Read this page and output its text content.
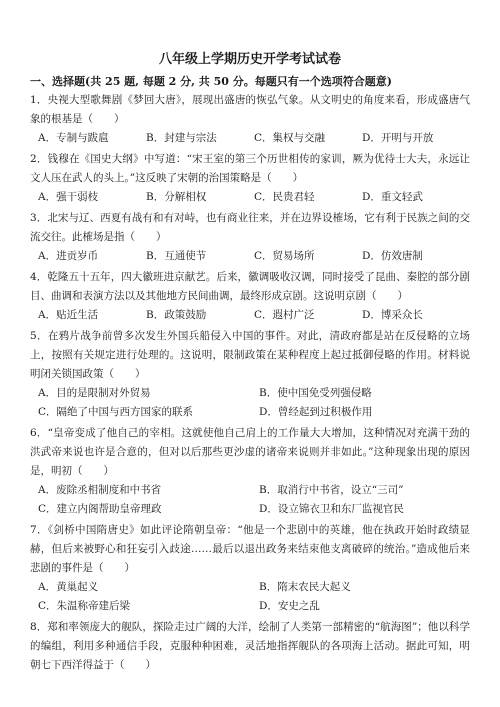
八年级上学期历史开学考试试卷
一、选择题(共 25 题, 每题 2 分, 共 50 分。每题只有一个选项符合题意)
1．央视大型歌舞剧《梦回大唐》，展现出盛唐的恢弘气象。从文明史的角度来看，形成盛唐气象的根基是（　　）
A．专制与跋扈	B．封建与宗法	C．集权与交融	D．开明与开放
2．钱穆在《国史大纲》中写道：“宋王室的第三个历世相传的家训，厥为优待士大夫，永远让文人压在武人的头上。”这反映了宋朝的治国策略是（　　）
A．强干弱枝	B．分解相权	C．民贵君轻	D．重文轻武
3．北宋与辽、西夏有战有和有对峙，也有商业往来，并在边界设榷场，它有利于民族之间的交流交往。此榷场是指（　　）
A．进贡岁币	B．互通使节	C．贸易场所	D．仿效唐制
4．乾隆五十五年，四大徽班进京献艺。后来，徽调吸收汉调，同时接受了昆曲、秦腔的部分剧目、曲调和表演方法以及其他地方民间曲调，最终形成京剧。这说明京剧（　　）
A．贴近生活	B．政策鼓励	C．遐村广泛	D．博采众长
5．在鸦片战争前曾多次发生外国兵船侵入中国的事件。对此，清政府都是站在反侵略的立场上，按照有关规定进行处理的。这说明，限制政策在某种程度上起过抵御侵略的作用。材料说明闭关锁国政策（　　）
A．目的是限制对外贸易	B．使中国免受列强侵略
C．隔绝了中国与西方国家的联系	D．曾经起到过积极作用
6．“皇帝变成了他自己的宰相。这就使他自己肩上的工作量大大增加，这种情况对充满干劲的洪武帝来说也许是合意的，但对以后那些更沙虚的诸帝来说则并非如此。”这种现象出现的原因是，明初（　　）
A．废除丞相制度和中书省	B．取消行中书省，设立“三司”
C．建立内阁帮助皇帝理政	D．设立锦衣卫和东厂监视官民
7．《剑桥中国隋唐史》如此评论隋朝皇帝：“他是一个悲剧中的英雄，他在执政开始时政绩显赫，但后来被野心和狂妄引入歧途……最后以退出政务来结束他支离破碎的统治。”造成他后来悲剧的事件是（　　）
A．黄巢起义	B．隋末农民大起义
C．朱温称帝建后梁	D．安史之乱
8．郑和率领庞大的舰队，探险走过广阔的大洋，绘制了人类第一部精密的“航海图”；他以科学的编组，利用多种通信手段，克服种种困难，灵活地指挥舰队的各项海上活动。据此可知，明朝七下西洋得益于（　　）
